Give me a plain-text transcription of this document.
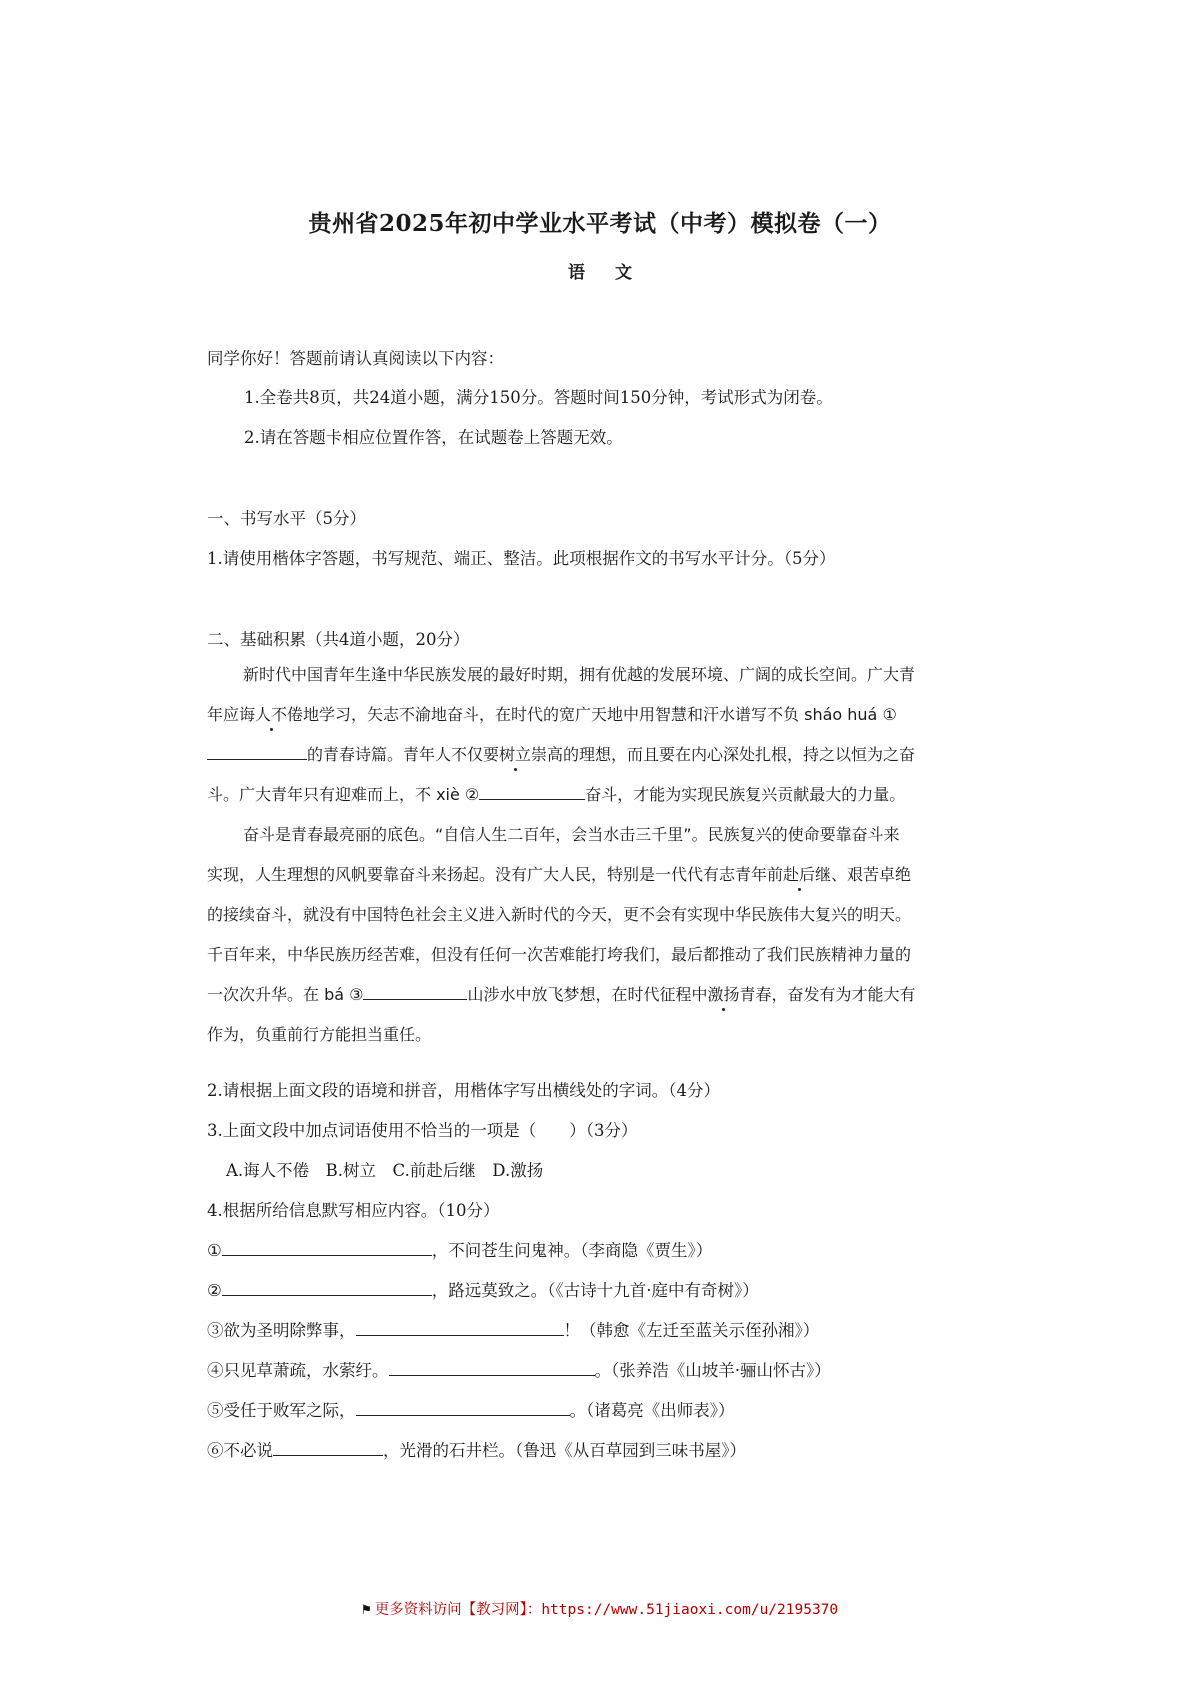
贵州省2025年初中学业水平考试（中考）模拟卷（一）
语 文
同学你好！答题前请认真阅读以下内容：
1.全卷共8页，共24道小题，满分150分。答题时间150分钟，考试形式为闭卷。
2.请在答题卡相应位置作答，在试题卷上答题无效。
一、书写水平（5分）
1.请使用楷体字答题，书写规范、端正、整洁。此项根据作文的书写水平计分。（5分）
二、基础积累（共4道小题，20分）
新时代中国青年生逢中华民族发展的最好时期，拥有优越的发展环境、广阔的成长空间。广大青
年应诲人不倦地学习，矢志不渝地奋斗，在时代的宽广天地中用智慧和汗水谱写不负 sháo huá ①
的青春诗篇。青年人不仅要树立崇高的理想，而且要在内心深处扎根，持之以恒为之奋
斗。广大青年只有迎难而上，不 xiè ②	奋斗，才能为实现民族复兴贡献最大的力量。
奋斗是青春最亮丽的底色。“自信人生二百年，会当水击三千里”。民族复兴的使命要靠奋斗来
实现，人生理想的风帆要靠奋斗来扬起。没有广大人民，特别是一代代有志青年前赴后继、艰苦卓绝
的接续奋斗，就没有中国特色社会主义进入新时代的今天，更不会有实现中华民族伟大复兴的明天。
千百年来，中华民族历经苦难，但没有任何一次苦难能打垮我们，最后都推动了我们民族精神力量的
一次次升华。在 bá ③	山涉水中放飞梦想，在时代征程中激扬青春，奋发有为才能大有
作为，负重前行方能担当重任。
2.请根据上面文段的语境和拼音，用楷体字写出横线处的字词。（4分）
3.上面文段中加点词语使用不恰当的一项是（　　）（3分）
A.诲人不倦　B.树立　C.前赴后继　D.激扬
4.根据所给信息默写相应内容。（10分）
①	，不问苍生问鬼神。（李商隐《贾生》）
②	，路远莫致之。（《古诗十九首·庭中有奇树》）
③欲为圣明除弊事，	！（韩愈《左迁至蓝关示侄孙湘》）
④只见草萧疏，水萦纡。	。（张养浩《山坡羊·骊山怀古》）
⑤受任于败军之际，	。（诸葛亮《出师表》）
⑥不必说	，光滑的石井栏。（鲁迅《从百草园到三味书屋》）
⚑ 更多资料访问【教习网】：https://www.51jiaoxi.com/u/2195370
